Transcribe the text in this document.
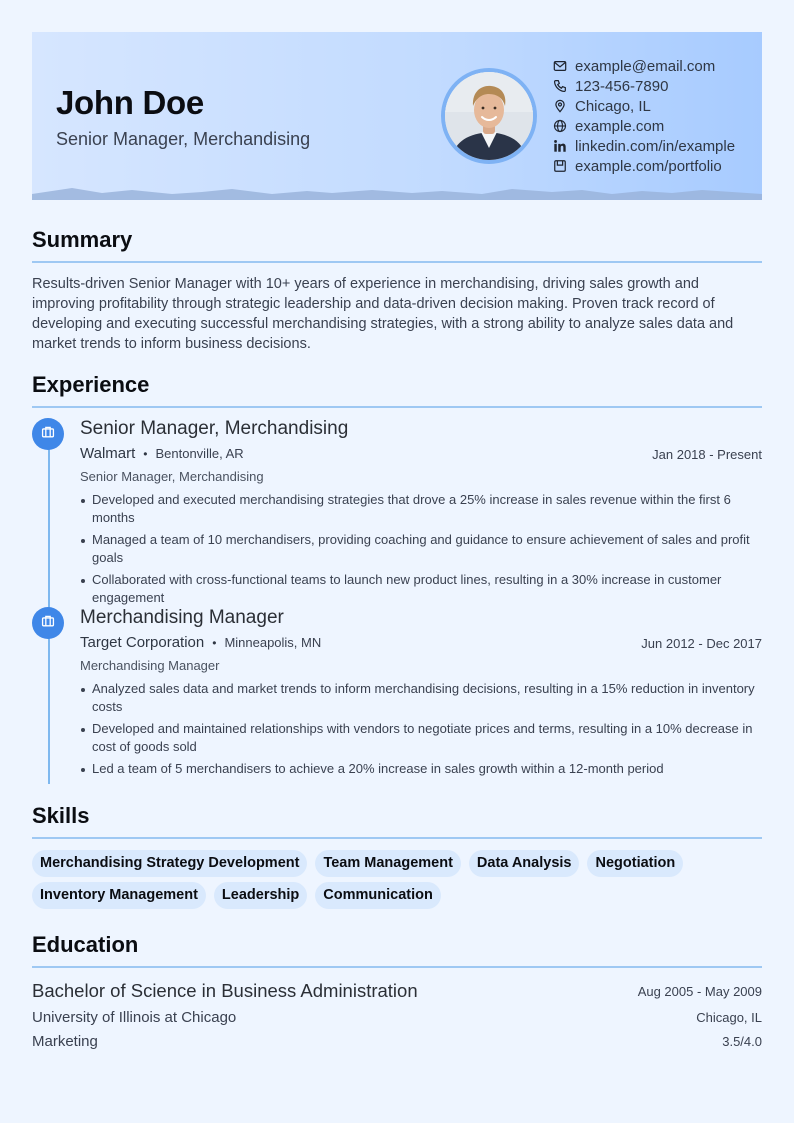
John Doe
Senior Manager, Merchandising
example@email.com
123-456-7890
Chicago, IL
example.com
linkedin.com/in/example
example.com/portfolio
Summary
Results-driven Senior Manager with 10+ years of experience in merchandising, driving sales growth and improving profitability through strategic leadership and data-driven decision making. Proven track record of developing and executing successful merchandising strategies, with a strong ability to analyze sales data and market trends to inform business decisions.
Experience
Senior Manager, Merchandising
Walmart • Bentonville, AR	Jan 2018 - Present
Senior Manager, Merchandising
Developed and executed merchandising strategies that drove a 25% increase in sales revenue within the first 6 months
Managed a team of 10 merchandisers, providing coaching and guidance to ensure achievement of sales and profit goals
Collaborated with cross-functional teams to launch new product lines, resulting in a 30% increase in customer engagement
Merchandising Manager
Target Corporation • Minneapolis, MN	Jun 2012 - Dec 2017
Merchandising Manager
Analyzed sales data and market trends to inform merchandising decisions, resulting in a 15% reduction in inventory costs
Developed and maintained relationships with vendors to negotiate prices and terms, resulting in a 10% decrease in cost of goods sold
Led a team of 5 merchandisers to achieve a 20% increase in sales growth within a 12-month period
Skills
Merchandising Strategy Development	Team Management	Data Analysis	Negotiation
Inventory Management	Leadership	Communication
Education
Bachelor of Science in Business Administration	Aug 2005 - May 2009
University of Illinois at Chicago	Chicago, IL
Marketing	3.5/4.0
